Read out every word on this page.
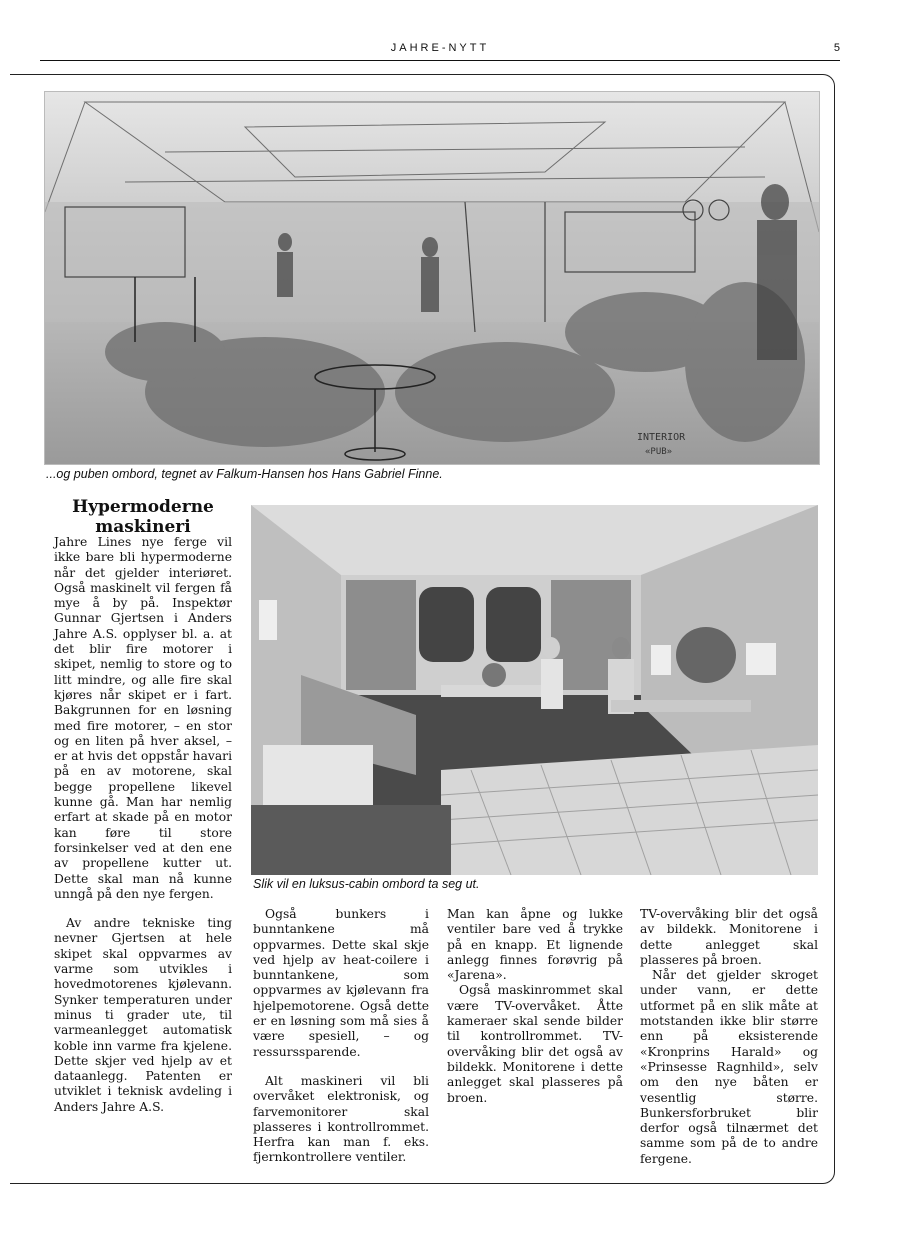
JAHRE-NYTT	5
INTERIOR
«PUB»
...og puben ombord, tegnet av Falkum-Hansen hos Hans Gabriel Finne.
Hypermoderne maskineri
Slik vil en luksus-cabin ombord ta seg ut.

Jahre Lines nye ferge vil ikke bare bli hypermoderne når det gjelder interiøret. Også maskinelt vil fergen få mye å by på. Inspektør Gunnar Gjertsen i Anders Jahre A.S. opplyser bl. a. at det blir fire motorer i skipet, nemlig to store og to litt mindre, og alle fire skal kjøres når skipet er i fart. Bakgrunnen for en løsning med fire motorer, – en stor og en liten på hver aksel, – er at hvis det oppstår havari på en av motorene, skal begge propellene likevel kunne gå. Man har nemlig erfart at skade på en motor kan føre til store forsinkelser ved at den ene av propellene kutter ut. Dette skal man nå kunne unngå på den nye fergen.

Av andre tekniske ting nevner Gjertsen at hele skipet skal oppvarmes av varme som utvikles i hovedmotorenes kjølevann. Synker temperaturen under minus ti grader ute, til varmeanlegget automatisk koble inn varme fra kjelene. Dette skjer ved hjelp av et dataanlegg. Patenten er utviklet i teknisk avdeling i Anders Jahre A.S.

Også bunkers i bunntankene må oppvarmes. Dette skal skje ved hjelp av heat-coilere i bunntankene, som oppvarmes av kjølevann fra hjelpemotorene. Også dette er en løsning som må sies å være spesiell, – og ressurssparende.

Alt maskineri vil bli overvåket elektronisk, og farvemonitorer skal plasseres i kontrollrommet. Herfra kan man f. eks. fjernkontrollere ventiler.

Man kan åpne og lukke ventiler bare ved å trykke på en knapp. Et lignende anlegg finnes forøvrig på «Jarena».

Også maskinrommet skal være TV-overvåket. Åtte kameraer skal sende bilder til kontrollrommet. TV-overvåking blir det også av bildekk. Monitorene i dette anlegget skal plasseres på broen.

TV-overvåking blir det også av bildekk. Monitorene i dette anlegget skal plasseres på broen.

Når det gjelder skroget under vann, er dette utformet på en slik måte at motstanden ikke blir større enn på eksisterende «Kronprins Harald» og «Prinsesse Ragnhild», selv om den nye båten er vesentlig større. Bunkersforbruket blir derfor også tilnærmet det samme som på de to andre fergene.
